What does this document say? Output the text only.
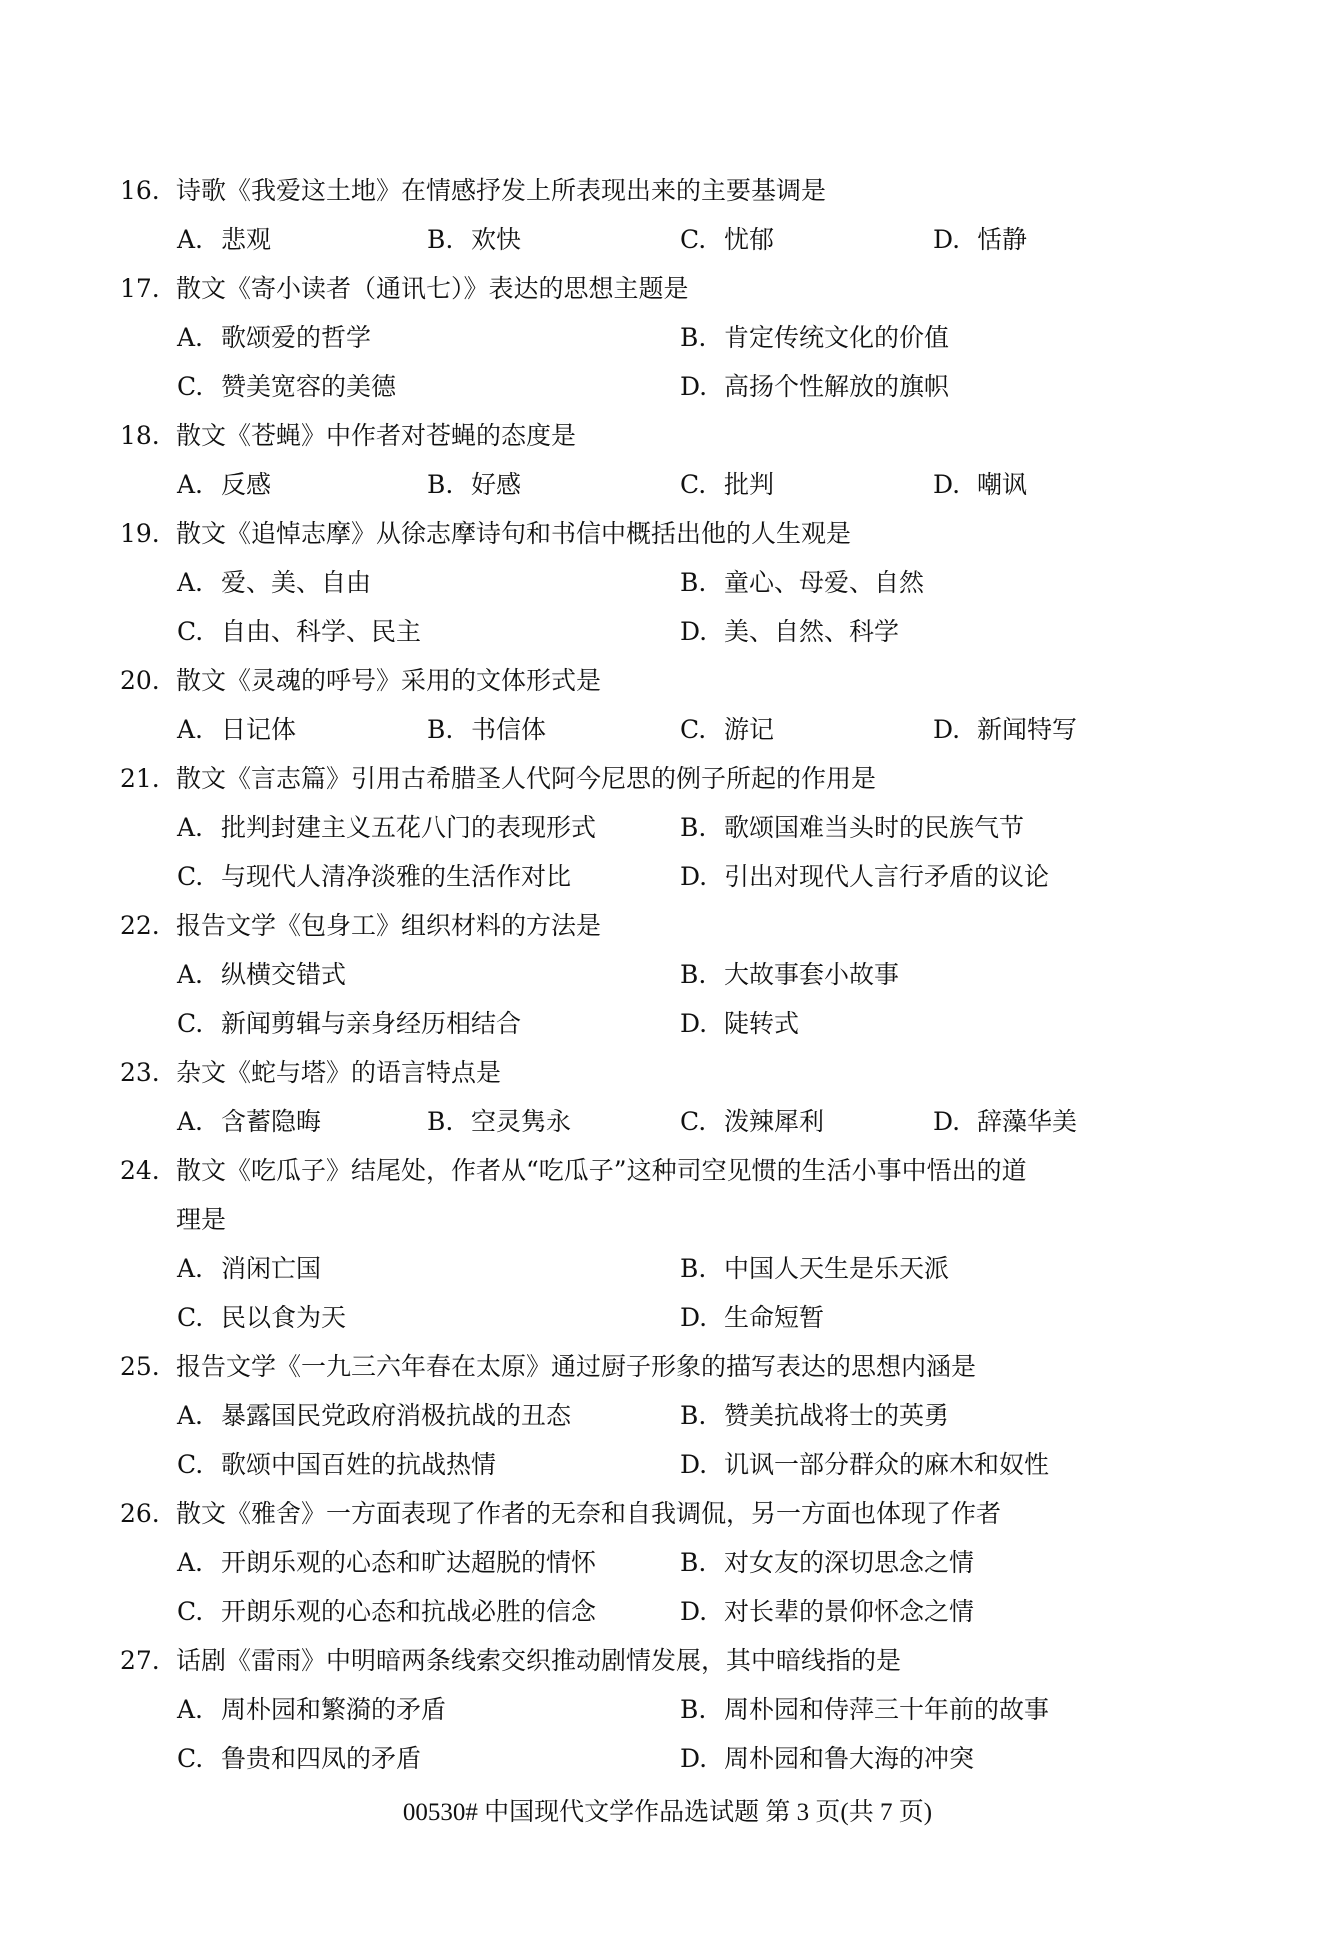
16. 诗歌《我爱这土地》在情感抒发上所表现出来的主要基调是
A. 悲观	B. 欢快	C. 忧郁	D. 恬静
17. 散文《寄小读者（通讯七）》表达的思想主题是
A. 歌颂爱的哲学	B. 肯定传统文化的价值
C. 赞美宽容的美德	D. 高扬个性解放的旗帜
18. 散文《苍蝇》中作者对苍蝇的态度是
A. 反感	B. 好感	C. 批判	D. 嘲讽
19. 散文《追悼志摩》从徐志摩诗句和书信中概括出他的人生观是
A. 爱、美、自由	B. 童心、母爱、自然
C. 自由、科学、民主	D. 美、自然、科学
20. 散文《灵魂的呼号》采用的文体形式是
A. 日记体	B. 书信体	C. 游记	D. 新闻特写
21. 散文《言志篇》引用古希腊圣人代阿今尼思的例子所起的作用是
A. 批判封建主义五花八门的表现形式	B. 歌颂国难当头时的民族气节
C. 与现代人清净淡雅的生活作对比	D. 引出对现代人言行矛盾的议论
22. 报告文学《包身工》组织材料的方法是
A. 纵横交错式	B. 大故事套小故事
C. 新闻剪辑与亲身经历相结合	D. 陡转式
23. 杂文《蛇与塔》的语言特点是
A. 含蓄隐晦	B. 空灵隽永	C. 泼辣犀利	D. 辞藻华美
24. 散文《吃瓜子》结尾处，作者从“吃瓜子”这种司空见惯的生活小事中悟出的道
理是
A. 消闲亡国	B. 中国人天生是乐天派
C. 民以食为天	D. 生命短暂
25. 报告文学《一九三六年春在太原》通过厨子形象的描写表达的思想内涵是
A. 暴露国民党政府消极抗战的丑态	B. 赞美抗战将士的英勇
C. 歌颂中国百姓的抗战热情	D. 讥讽一部分群众的麻木和奴性
26. 散文《雅舍》一方面表现了作者的无奈和自我调侃，另一方面也体现了作者
A. 开朗乐观的心态和旷达超脱的情怀	B. 对女友的深切思念之情
C. 开朗乐观的心态和抗战必胜的信念	D. 对长辈的景仰怀念之情
27. 话剧《雷雨》中明暗两条线索交织推动剧情发展，其中暗线指的是
A. 周朴园和繁漪的矛盾	B. 周朴园和侍萍三十年前的故事
C. 鲁贵和四凤的矛盾	D. 周朴园和鲁大海的冲突
00530# 中国现代文学作品选试题 第 3 页(共 7 页)
